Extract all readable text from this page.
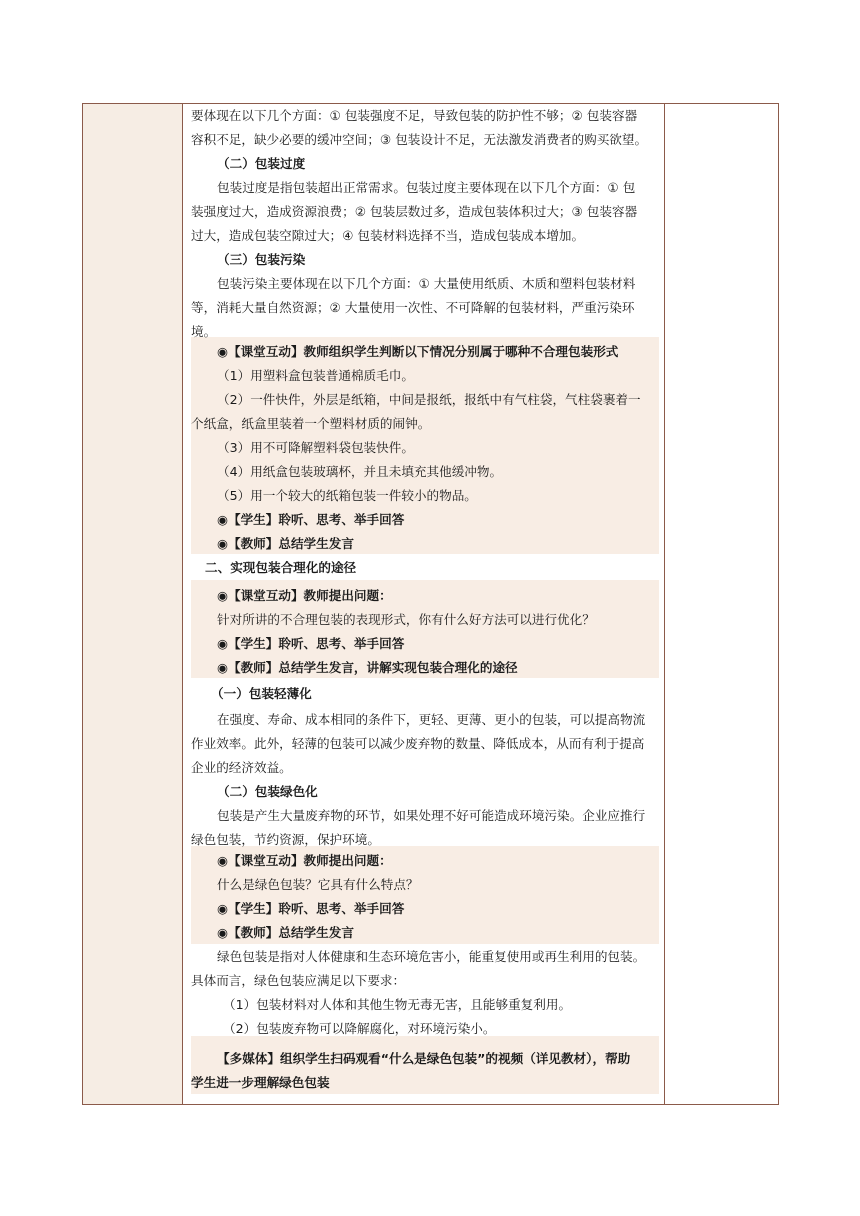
要体现在以下几个方面：① 包装强度不足，导致包装的防护性不够；② 包装容器
容积不足，缺少必要的缓冲空间；③ 包装设计不足，无法激发消费者的购买欲望。
（二）包装过度
包装过度是指包装超出正常需求。包装过度主要体现在以下几个方面：① 包
装强度过大，造成资源浪费；② 包装层数过多，造成包装体积过大；③ 包装容器
过大，造成包装空隙过大；④ 包装材料选择不当，造成包装成本增加。
（三）包装污染
包装污染主要体现在以下几个方面：① 大量使用纸质、木质和塑料包装材料
等，消耗大量自然资源；② 大量使用一次性、不可降解的包装材料，严重污染环
境。
◉【课堂互动】教师组织学生判断以下情况分别属于哪种不合理包装形式
（1）用塑料盒包装普通棉质毛巾。
（2）一件快件，外层是纸箱，中间是报纸，报纸中有气柱袋，气柱袋裹着一
个纸盒，纸盒里装着一个塑料材质的闹钟。
（3）用不可降解塑料袋包装快件。
（4）用纸盒包装玻璃杯，并且未填充其他缓冲物。
（5）用一个较大的纸箱包装一件较小的物品。
◉【学生】聆听、思考、举手回答
◉【教师】总结学生发言
二、实现包装合理化的途径
◉【课堂互动】教师提出问题：
针对所讲的不合理包装的表现形式，你有什么好方法可以进行优化？
◉【学生】聆听、思考、举手回答
◉【教师】总结学生发言，讲解实现包装合理化的途径
（一）包装轻薄化
在强度、寿命、成本相同的条件下，更轻、更薄、更小的包装，可以提高物流
作业效率。此外，轻薄的包装可以减少废弃物的数量、降低成本，从而有利于提高
企业的经济效益。
（二）包装绿色化
包装是产生大量废弃物的环节，如果处理不好可能造成环境污染。企业应推行
绿色包装，节约资源，保护环境。
◉【课堂互动】教师提出问题：
什么是绿色包装？它具有什么特点？
◉【学生】聆听、思考、举手回答
◉【教师】总结学生发言
绿色包装是指对人体健康和生态环境危害小，能重复使用或再生利用的包装。
具体而言，绿色包装应满足以下要求：
（1）包装材料对人体和其他生物无毒无害，且能够重复利用。
（2）包装废弃物可以降解腐化，对环境污染小。
【多媒体】组织学生扫码观看“什么是绿色包装”的视频（详见教材），帮助
学生进一步理解绿色包装
